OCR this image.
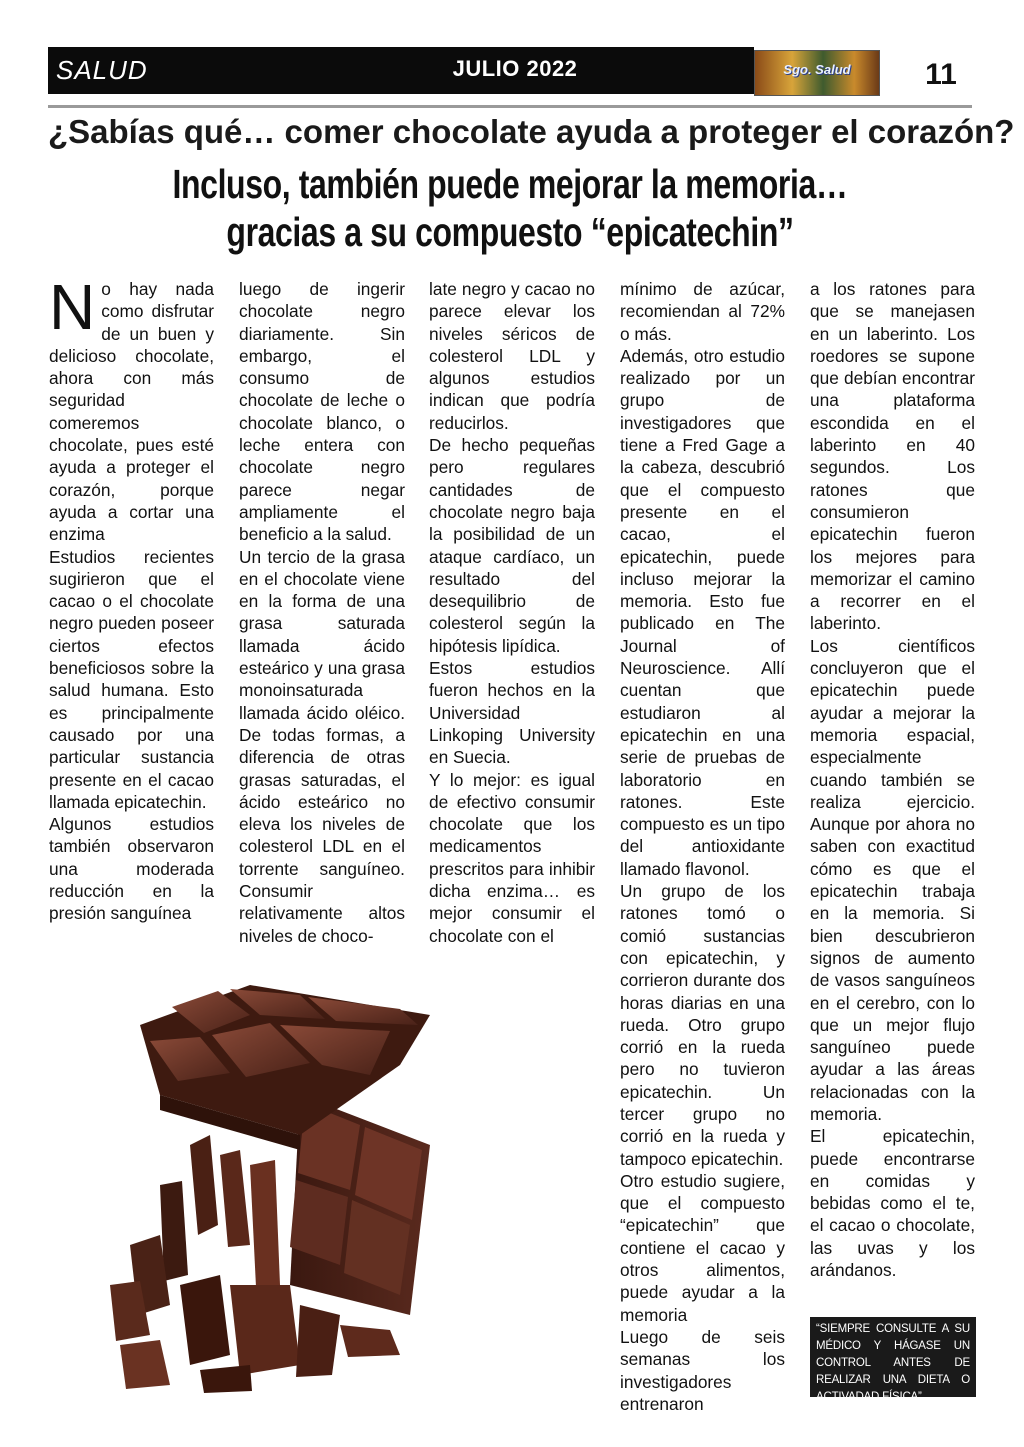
SALUD	JULIO 2022	Sgo. Salud	11
¿Sabías qué… comer chocolate ayuda a proteger el corazón?
Incluso, también puede mejorar la memoria…
gracias a su compuesto “epicatechin”

No hay nada como disfrutar de un buen y delicioso chocolate, ahora con más seguridad comeremos chocolate, pues esté ayuda a proteger el corazón, porque ayuda a cortar una enzima

Estudios recientes sugirieron que el cacao o el chocolate negro pueden poseer ciertos efectos beneficiosos sobre la salud humana. Esto es principalmente causado por una particular sustancia presente en el cacao llamada epicatechin.

Algunos estudios también observaron una moderada reducción en la presión sanguínea

luego de ingerir chocolate negro diariamente. Sin embargo, el consumo de chocolate de leche o chocolate blanco, o leche entera con chocolate negro parece negar ampliamente el beneficio a la salud.

Un tercio de la grasa en el chocolate viene en la forma de una grasa saturada llamada ácido esteárico y una grasa monoinsaturada llamada ácido oléico. De todas formas, a diferencia de otras grasas saturadas, el ácido esteárico no eleva los niveles de colesterol LDL en el torrente sanguíneo. Consumir relativamente altos niveles de choco-

late negro y cacao no parece elevar los niveles séricos de colesterol LDL y algunos estudios indican que podría reducirlos.

De hecho pequeñas pero regulares cantidades de chocolate negro baja la posibilidad de un ataque cardíaco, un resultado del desequilibrio de colesterol según la hipótesis lipídica.

Estos estudios fueron hechos en la Universidad Linkoping University en Suecia.

Y lo mejor: es igual de efectivo consumir chocolate que los medicamentos prescritos para inhibir dicha enzima… es mejor consumir el chocolate con el

mínimo de azúcar, recomiendan al 72% o más.

Además, otro estudio realizado por un grupo de investigadores que tiene a Fred Gage a la cabeza, descubrió que el compuesto presente en el cacao, el epicatechin, puede incluso mejorar la memoria. Esto fue publicado en The Journal of Neuroscience. Allí cuentan que estudiaron al epicatechin en una serie de pruebas de laboratorio en ratones. Este compuesto es un tipo del antioxidante llamado flavonol.

Un grupo de los ratones tomó o comió sustancias con epicatechin, y corrieron durante dos horas diarias en una rueda. Otro grupo corrió en la rueda pero no tuvieron epicatechin. Un tercer grupo no corrió en la rueda y tampoco epicatechin.

Otro estudio sugiere, que el compuesto “epicatechin” que contiene el cacao y otros alimentos, puede ayudar a la memoria

Luego de seis semanas los investigadores entrenaron

a los ratones para que se manejasen en un laberinto. Los roedores se supone que debían encontrar una plataforma escondida en el laberinto en 40 segundos. Los ratones que consumieron epicatechin fueron los mejores para memorizar el camino a recorrer en el laberinto.

Los científicos concluyeron que el epicatechin puede ayudar a mejorar la memoria espacial, especialmente cuando también se realiza ejercicio. Aunque por ahora no saben con exactitud cómo es que el epicatechin trabaja en la memoria. Si bien descubrieron signos de aumento de vasos sanguíneos en el cerebro, con lo que un mejor flujo sanguíneo puede ayudar a las áreas relacionadas con la memoria.

El epicatechin, puede encontrarse en comidas y bebidas como el te, el cacao o chocolate, las uvas y los arándanos.

“SIEMPRE CONSULTE A SU MÉDICO Y HÁGASE UN CONTROL ANTES DE REALIZAR UNA DIETA O ACTIVADAD FÍSICA”
